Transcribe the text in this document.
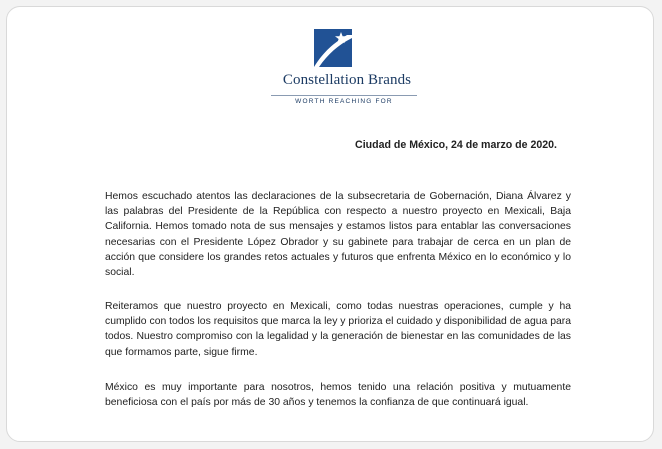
Constellation Brands
WORTH REACHING FOR
Ciudad de México, 24 de marzo de 2020.

Hemos escuchado atentos las declaraciones de la subsecretaria de Gobernación, Diana Álvarez y las palabras del Presidente de la República con respecto a nuestro proyecto en Mexicali, Baja California. Hemos tomado nota de sus mensajes y estamos listos para entablar las conversaciones necesarias con el Presidente López Obrador y su gabinete para trabajar de cerca en un plan de acción que considere los grandes retos actuales y futuros que enfrenta México en lo económico y lo social.

Reiteramos que nuestro proyecto en Mexicali, como todas nuestras operaciones, cumple y ha cumplido con todos los requisitos que marca la ley y prioriza el cuidado y disponibilidad de agua para todos. Nuestro compromiso con la legalidad y la generación de bienestar en las comunidades de las que formamos parte, sigue firme.

México es muy importante para nosotros, hemos tenido una relación positiva y mutuamente beneficiosa con el país por más de 30 años y tenemos la confianza de que continuará igual.
